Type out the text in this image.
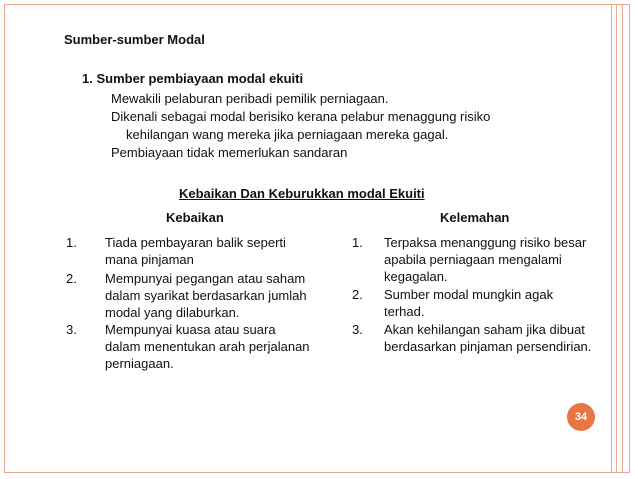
Sumber-sumber Modal
1. Sumber pembiayaan modal ekuiti
Mewakili pelaburan peribadi pemilik perniagaan.
Dikenali sebagai modal berisiko kerana pelabur menaggung risiko
kehilangan wang mereka jika perniagaan mereka gagal.
Pembiayaan tidak memerlukan sandaran
Kebaikan Dan Keburukkan modal Ekuiti
Kebaikan	Kelemahan
1. Tiada pembayaran balik seperti
mana pinjaman
2. Mempunyai pegangan atau saham
dalam syarikat berdasarkan jumlah
modal yang dilaburkan.
3. Mempunyai kuasa atau suara
dalam menentukan arah perjalanan
perniagaan.
1. Terpaksa menanggung risiko besar
apabila perniagaan mengalami
kegagalan.
2. Sumber modal mungkin agak
terhad.
3. Akan kehilangan saham jika dibuat
berdasarkan pinjaman persendirian.
34
